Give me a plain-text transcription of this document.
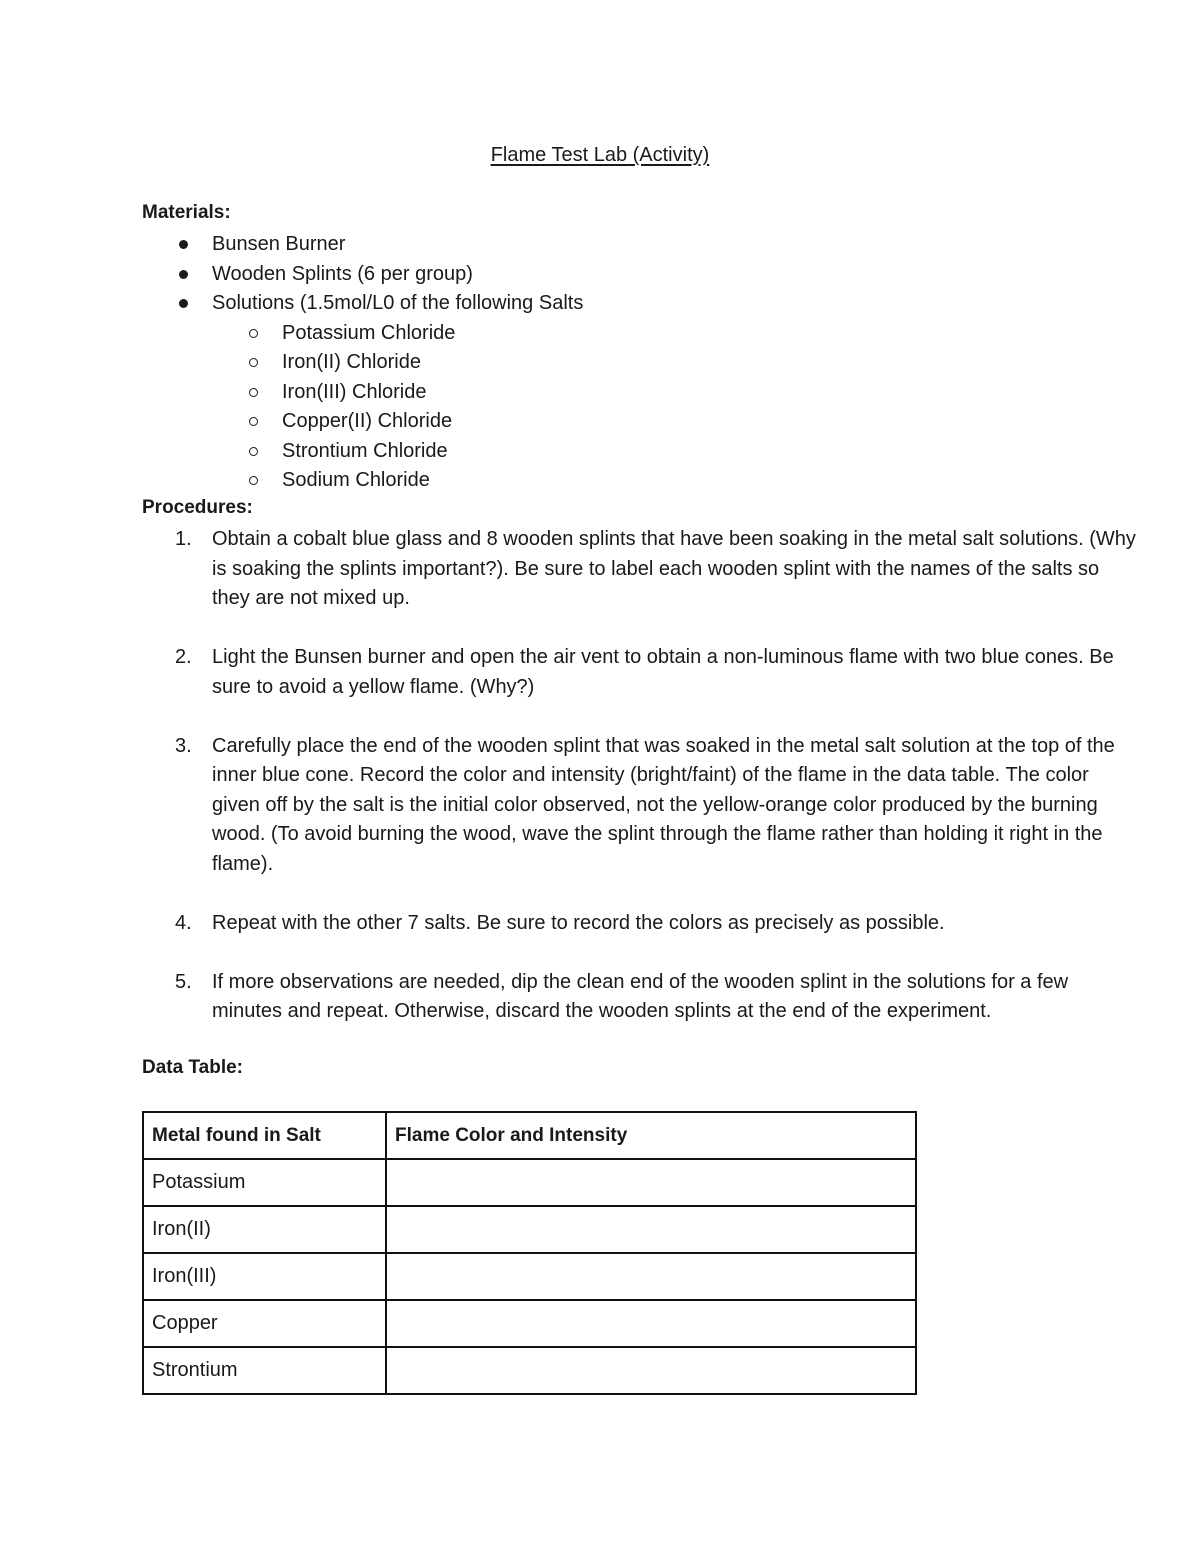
Flame Test Lab (Activity)
Materials:
Bunsen Burner
Wooden Splints (6 per group)
Solutions (1.5mol/L0 of the following Salts
Potassium Chloride
Iron(II) Chloride
Iron(III) Chloride
Copper(II) Chloride
Strontium Chloride
Sodium Chloride
Procedures:
1. Obtain a cobalt blue glass and 8 wooden splints that have been soaking in the metal salt solutions. (Why is soaking the splints important?). Be sure to label each wooden splint with the names of the salts so they are not mixed up.
2. Light the Bunsen burner and open the air vent to obtain a non-luminous flame with two blue cones. Be sure to avoid a yellow flame. (Why?)
3. Carefully place the end of the wooden splint that was soaked in the metal salt solution at the top of the inner blue cone. Record the color and intensity (bright/faint) of the flame in the data table. The color given off by the salt is the initial color observed, not the yellow-orange color produced by the burning wood. (To avoid burning the wood, wave the splint through the flame rather than holding it right in the flame).
4. Repeat with the other 7 salts. Be sure to record the colors as precisely as possible.
5. If more observations are needed, dip the clean end of the wooden splint in the solutions for a few minutes and repeat. Otherwise, discard the wooden splints at the end of the experiment.
Data Table:
Metal found in Salt	Flame Color and Intensity
Potassium	
Iron(II)	
Iron(III)	
Copper	
Strontium	
